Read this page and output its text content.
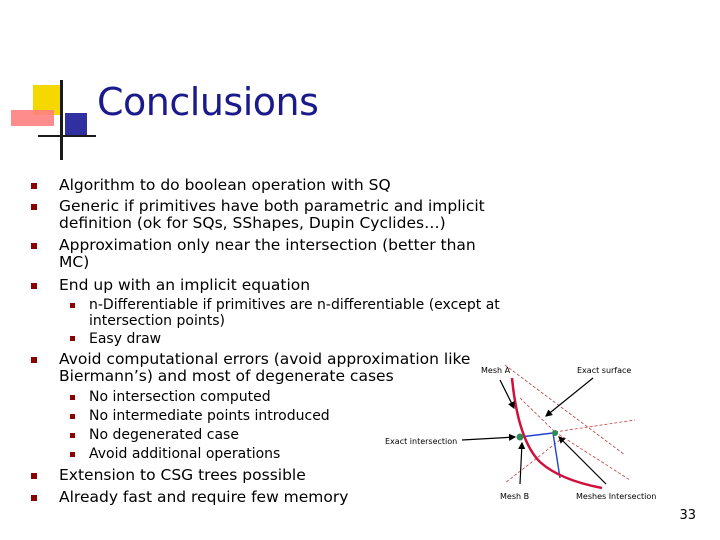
Conclusions
Algorithm to do boolean operation with SQ
Generic if primitives have both parametric and implicit definition (ok for SQs, SShapes, Dupin Cyclides…)
Approximation only near the intersection (better than MC)
End up with an implicit equation
n-Differentiable if primitives are n-differentiable (except at intersection points)
Easy draw
Avoid computational errors (avoid approximation like Biermann’s) and most of degenerate cases
No intersection computed
No intermediate points introduced
No degenerated case
Avoid additional operations
Extension to CSG trees possible
Already fast and require few memory
Mesh A	Exact surface
Exact intersection
Mesh B	Meshes Intersection
33
